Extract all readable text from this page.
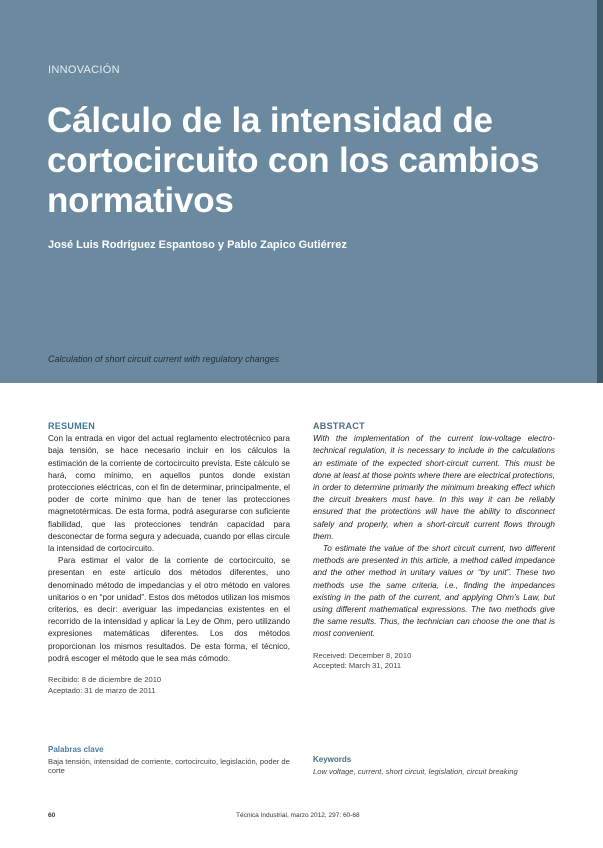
INNOVACIÓN
Cálculo de la intensidad de cortocircuito con los cambios normativos
José Luis Rodríguez Espantoso y Pablo Zapico Gutiérrez
Calculation of short circuit current with regulatory changes
RESUMEN

Con la entrada en vigor del actual reglamento electrotécnico para baja tensión, se hace necesario incluir en los cálculos la estimación de la corriente de cortocircuito prevista. Este cálculo se hará, como mínimo, en aquellos puntos donde existan protecciones eléctricas, con el fin de determinar, principalmente, el poder de corte mínimo que han de tener las protecciones magnetotérmicas. De esta forma, podrá asegurarse con suficiente fiabilidad, que las protecciones tendrán capacidad para desconectar de forma segura y adecuada, cuando por ellas circule la intensidad de cortocircuito.

Para estimar el valor de la corriente de cortocircuito, se presentan en este artículo dos métodos diferentes, uno denominado método de impedancias y el otro método en valores unitarios o en “por unidad”. Estos dos métodos utilizan los mismos criterios, es decir: averiguar las impedancias existentes en el recorrido de la intensidad y aplicar la Ley de Ohm, pero utilizando expresiones matemáticas diferentes. Los dos métodos proporcionan los mismos resultados. De esta forma, el técnico, podrá escoger el método que le sea más cómodo.

Recibido: 8 de diciembre de 2010
Aceptado: 31 de marzo de 2011
ABSTRACT

With the implementation of the current low-voltage electro-technical regulation, it is necessary to include in the calculations an estimate of the expected short-circuit current. This must be done at least at those points where there are electrical protections, in order to determine primarily the minimum breaking effect which the circuit breakers must have. In this way it can be reliably ensured that the protections will have the ability to disconnect safely and properly, when a short-circuit current flows through them.

To estimate the value of the short circuit current, two different methods are presented in this article, a method called impedance and the other method in unitary values or “by unit”. These two methods use the same criteria, i.e., finding the impedances existing in the path of the current, and applying Ohm’s Law, but using different mathematical expressions. The two methods give the same results. Thus, the technician can choose the one that is most convenient.

Received: December 8, 2010
Accepted: March 31, 2011
Palabras clave
Baja tensión, intensidad de corriente, cortocircuito, legislación, poder de corte
Keywords
Low voltage, current, short circuit, legislation, circuit breaking
60	Técnica Industrial, marzo 2012, 297: 60-68
